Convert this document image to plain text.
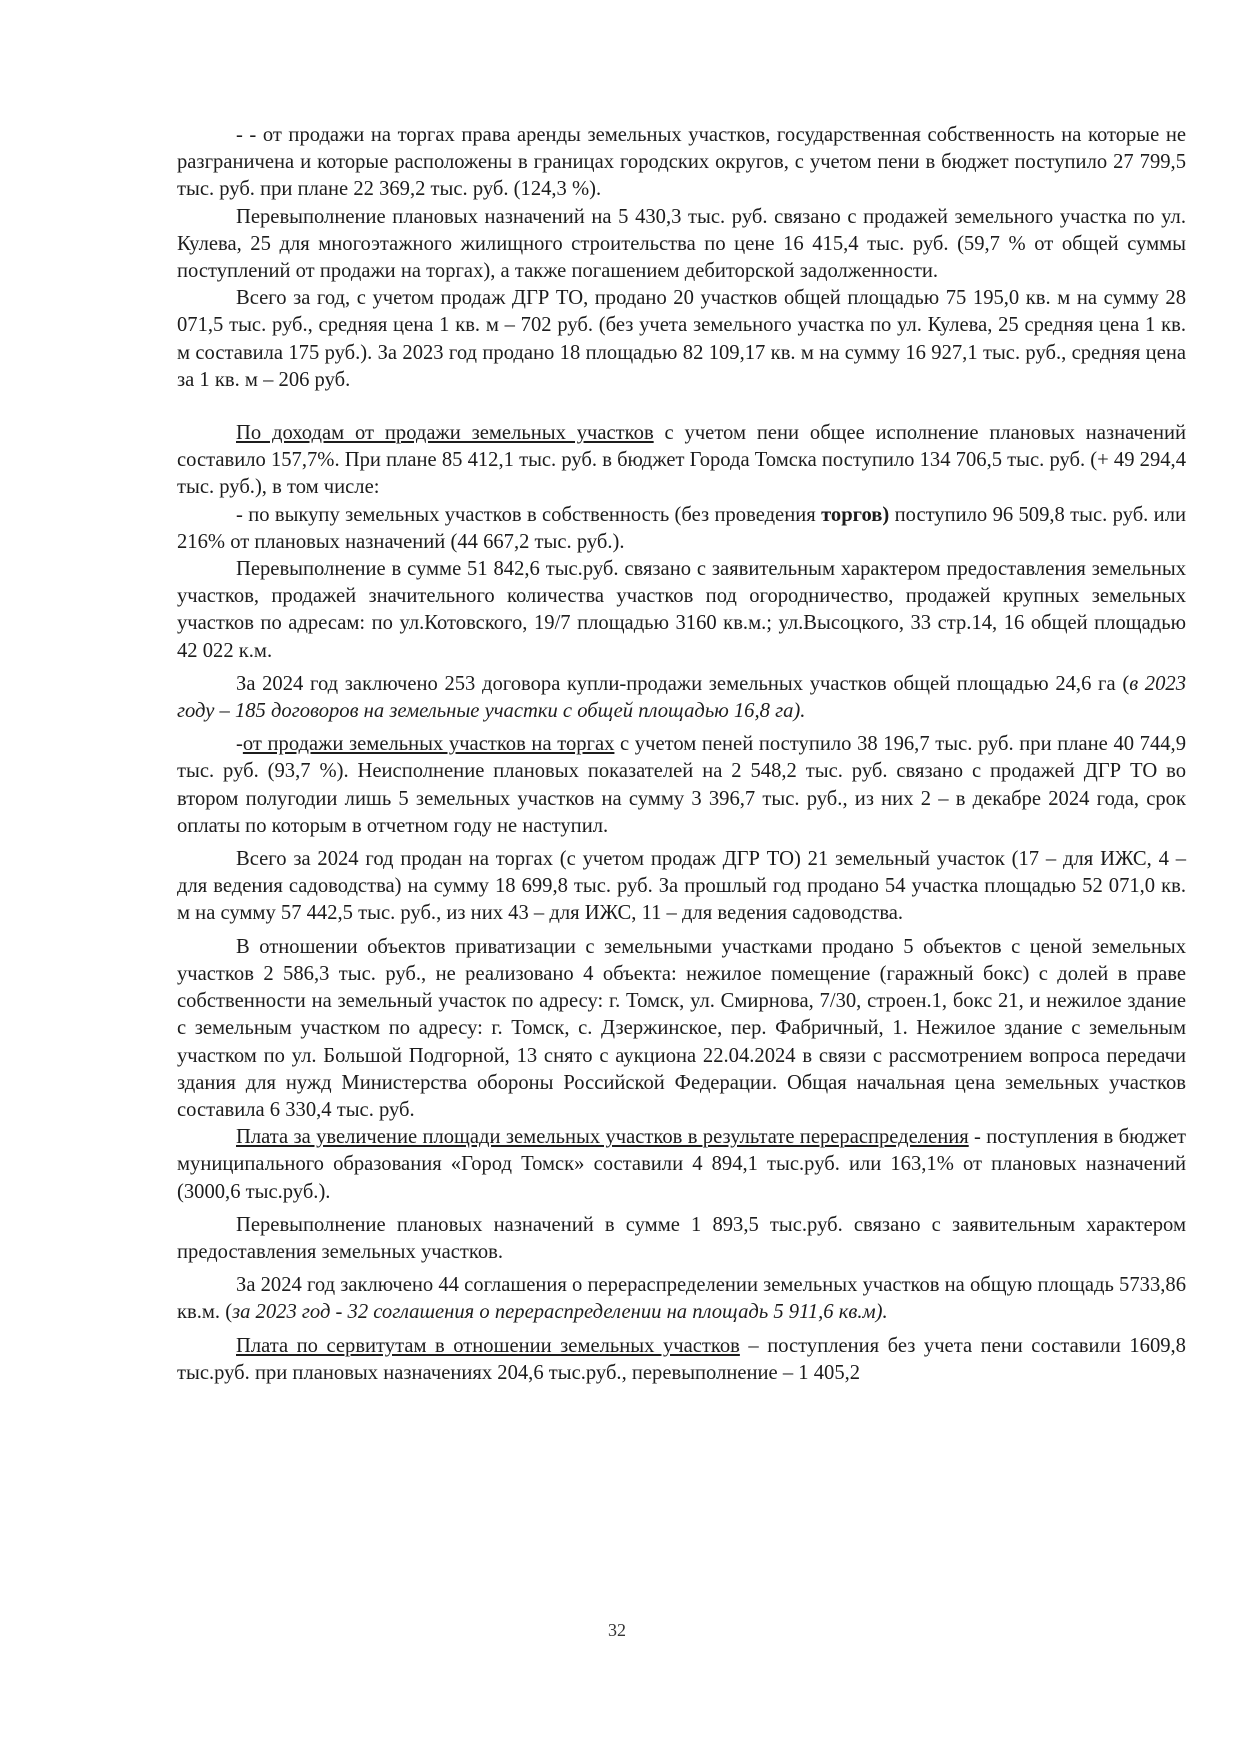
- - от продажи на торгах права аренды земельных участков, государственная собственность на которые не разграничена и которые расположены в границах городских округов, с учетом пени в бюджет поступило 27 799,5 тыс. руб. при плане 22 369,2 тыс. руб. (124,3 %).

Перевыполнение плановых назначений на 5 430,3 тыс. руб. связано с продажей земельного участка по ул. Кулева, 25 для многоэтажного жилищного строительства по цене 16 415,4 тыс. руб. (59,7 % от общей суммы поступлений от продажи на торгах), а также погашением дебиторской задолженности.

Всего за год, с учетом продаж ДГР ТО, продано 20 участков общей площадью 75 195,0 кв. м на сумму 28 071,5 тыс. руб., средняя цена 1 кв. м – 702 руб. (без учета земельного участка по ул. Кулева, 25 средняя цена 1 кв. м составила 175 руб.). За 2023 год продано 18 площадью 82 109,17 кв. м на сумму 16 927,1 тыс. руб., средняя цена за 1 кв. м – 206 руб.

По доходам от продажи земельных участков с учетом пени общее исполнение плановых назначений составило 157,7%. При плане 85 412,1 тыс. руб. в бюджет Города Томска поступило 134 706,5 тыс. руб. (+ 49 294,4 тыс. руб.), в том числе:

- по выкупу земельных участков в собственность (без проведения торгов) поступило 96 509,8 тыс. руб. или 216% от плановых назначений (44 667,2 тыс. руб.).

Перевыполнение в сумме 51 842,6 тыс.руб. связано с заявительным характером предоставления земельных участков, продажей значительного количества участков под огородничество, продажей крупных земельных участков по адресам: по ул.Котовского, 19/7 площадью 3160 кв.м.; ул.Высоцкого, 33 стр.14, 16 общей площадью 42 022 к.м.

За 2024 год заключено 253 договора купли-продажи земельных участков общей площадью 24,6 га (в 2023 году – 185 договоров на земельные участки с общей площадью 16,8 га).

-от продажи земельных участков на торгах с учетом пеней поступило 38 196,7 тыс. руб. при плане 40 744,9 тыс. руб. (93,7 %). Неисполнение плановых показателей на 2 548,2 тыс. руб. связано с продажей ДГР ТО во втором полугодии лишь 5 земельных участков на сумму 3 396,7 тыс. руб., из них 2 – в декабре 2024 года, срок оплаты по которым в отчетном году не наступил.

Всего за 2024 год продан на торгах (с учетом продаж ДГР ТО) 21 земельный участок (17 – для ИЖС, 4 – для ведения садоводства) на сумму 18 699,8 тыс. руб. За прошлый год продано 54 участка площадью 52 071,0 кв. м на сумму 57 442,5 тыс. руб., из них 43 – для ИЖС, 11 – для ведения садоводства.

В отношении объектов приватизации с земельными участками продано 5 объектов с ценой земельных участков 2 586,3 тыс. руб., не реализовано 4 объекта: нежилое помещение (гаражный бокс) с долей в праве собственности на земельный участок по адресу: г. Томск, ул. Смирнова, 7/30, строен.1, бокс 21, и нежилое здание с земельным участком по адресу: г. Томск, с. Дзержинское, пер. Фабричный, 1. Нежилое здание с земельным участком по ул. Большой Подгорной, 13 снято с аукциона 22.04.2024 в связи с рассмотрением вопроса передачи здания для нужд Министерства обороны Российской Федерации. Общая начальная цена земельных участков составила 6 330,4 тыс. руб.

Плата за увеличение площади земельных участков в результате перераспределения - поступления в бюджет муниципального образования «Город Томск» составили 4 894,1 тыс.руб. или 163,1% от плановых назначений (3000,6 тыс.руб.).

Перевыполнение плановых назначений в сумме 1 893,5 тыс.руб. связано с заявительным характером предоставления земельных участков.

За 2024 год заключено 44 соглашения о перераспределении земельных участков на общую площадь 5733,86 кв.м. (за 2023 год - 32 соглашения о перераспределении на площадь 5 911,6 кв.м).

Плата по сервитутам в отношении земельных участков – поступления без учета пени составили 1609,8 тыс.руб. при плановых назначениях 204,6 тыс.руб., перевыполнение – 1 405,2

32
